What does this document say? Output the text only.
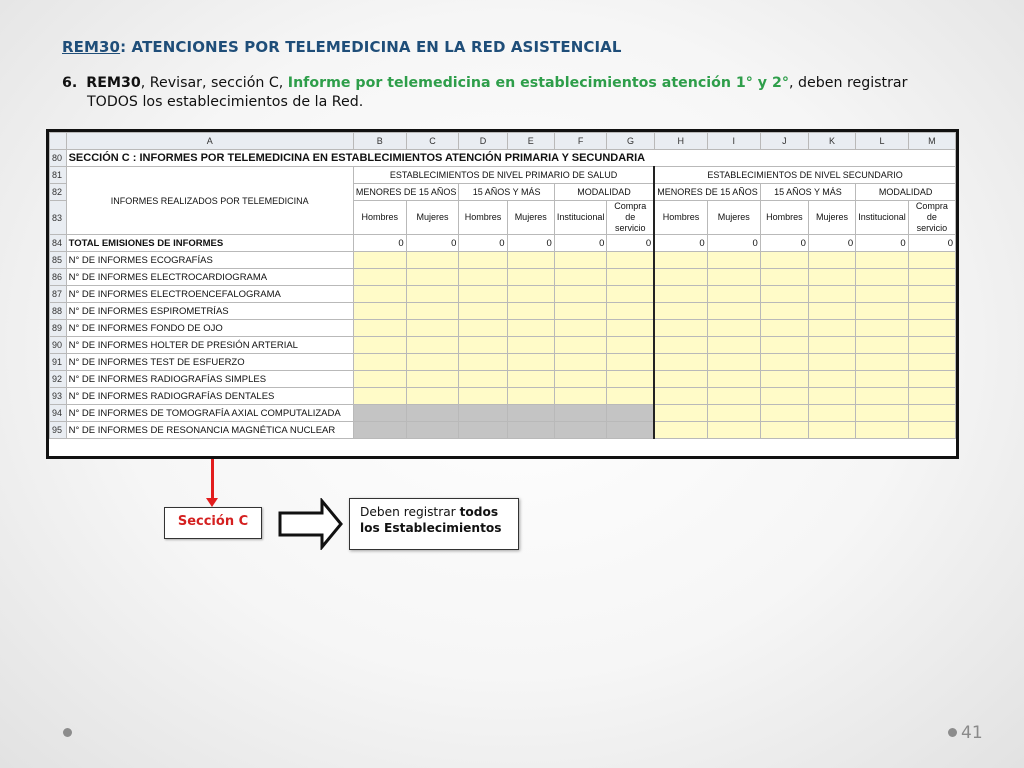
REM30: ATENCIONES POR TELEMEDICINA EN LA RED ASISTENCIAL
6. REM30, Revisar, sección C, Informe por telemedicina en establecimientos atención 1° y 2°, deben registrar
TODOS los establecimientos de la Red.
	A	B	C	D	E	F	G	H	I	J	K	L	M
80	SECCIÓN C : INFORMES POR TELEMEDICINA EN ESTABLECIMIENTOS ATENCIÓN PRIMARIA Y SECUNDARIA												
81	INFORMES REALIZADOS POR TELEMEDICINA	ESTABLECIMIENTOS DE NIVEL PRIMARIO DE SALUD						ESTABLECIMIENTOS DE NIVEL SECUNDARIO					
82		MENORES DE 15 AÑOS		15 AÑOS Y MÁS		MODALIDAD		MENORES DE 15 AÑOS		15 AÑOS Y MÁS		MODALIDAD	
83		Hombres	Mujeres	Hombres	Mujeres	Institucional	Compra de servicio	Hombres	Mujeres	Hombres	Mujeres	Institucional	Compra de servicio
84	TOTAL EMISIONES DE INFORMES	0	0	0	0	0	0	0	0	0	0	0	0
85	N° DE INFORMES ECOGRAFÍAS												
86	N° DE INFORMES ELECTROCARDIOGRAMA												
87	N° DE INFORMES ELECTROENCEFALOGRAMA												
88	N° DE INFORMES ESPIROMETRÍAS												
89	N° DE INFORMES FONDO DE OJO												
90	N° DE INFORMES HOLTER DE PRESIÓN ARTERIAL												
91	N° DE INFORMES TEST DE ESFUERZO												
92	N° DE INFORMES RADIOGRAFÍAS SIMPLES												
93	N° DE INFORMES RADIOGRAFÍAS DENTALES												
94	N° DE INFORMES DE TOMOGRAFÍA AXIAL COMPUTALIZADA												
95	N° DE INFORMES DE RESONANCIA MAGNÉTICA NUCLEAR												
Sección C
Deben registrar todos
los Establecimientos
41
